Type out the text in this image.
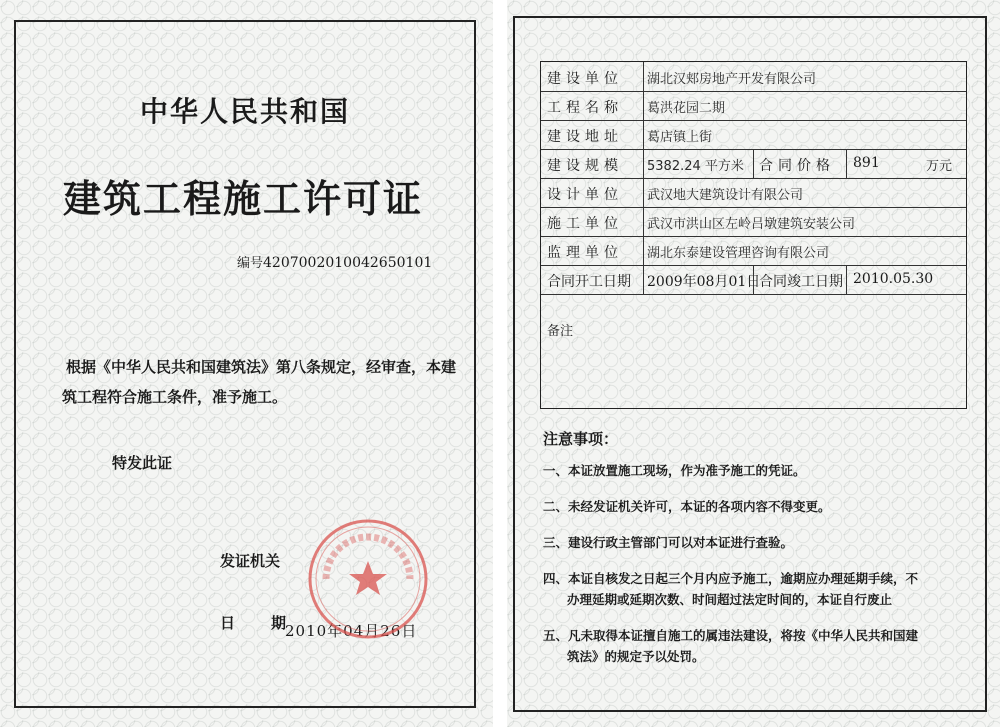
中华人民共和国
建筑工程施工许可证
编号420700201004265010​1
根据《中华人民共和国建筑法》第八条规定，经审查，本建筑工程符合施工条件，准予施工。
特发此证
发证机关
日 期
2010年04月26日
建设单位 湖北汉郏房地产开发有限公司
工程名称 葛洪花园二期
建设地址 葛店镇上街
建设规模 5382.24 平方米 合同价格 891	万元
设计单位 武汉地大建筑设计有限公司
施工单位 武汉市洪山区左岭吕墩建筑安装公司
监理单位 湖北东泰建设管理咨询有限公司
合同开工日期 2009年08月01日
合同竣工日期 2010.05.30
备注
注意事项：
一、本证放置施工现场，作为准予施工的凭证。
二、未经发证机关许可，本证的各项内容不得变更。
三、建设行政主管部门可以对本证进行查验。
四、本证自核发之日起三个月内应予施工，逾期应办理延期手续，不
办理延期或延期次数、时间超过法定时间的，本证自行废止
五、凡未取得本证擅自施工的属违法建设，将按《中华人民共和国建
筑法》的规定予以处罚。
